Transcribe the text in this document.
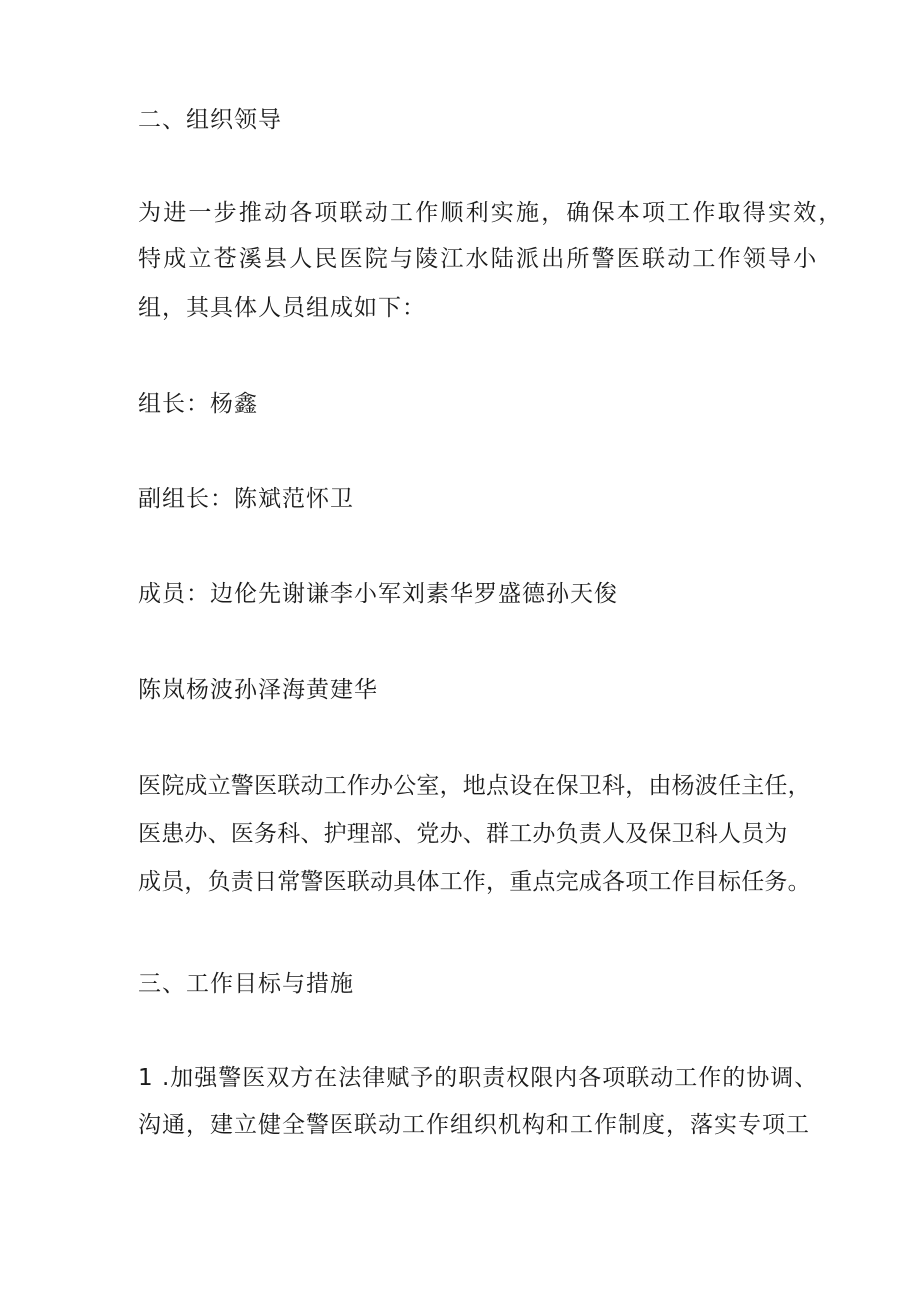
二、组织领导
为进一步推动各项联动工作顺利实施，确保本项工作取得实效，
特成立苍溪县人民医院与陵江水陆派出所警医联动工作领导小
组，其具体人员组成如下：
组长：杨鑫
副组长：陈斌范怀卫
成员：边伦先谢谦李小军刘素华罗盛德孙天俊
陈岚杨波孙泽海黄建华
医院成立警医联动工作办公室，地点设在保卫科，由杨波任主任，
医患办、医务科、护理部、党办、群工办负责人及保卫科人员为
成员，负责日常警医联动具体工作，重点完成各项工作目标任务。
三、工作目标与措施
1 .加强警医双方在法律赋予的职责权限内各项联动工作的协调、
沟通，建立健全警医联动工作组织机构和工作制度，落实专项工
